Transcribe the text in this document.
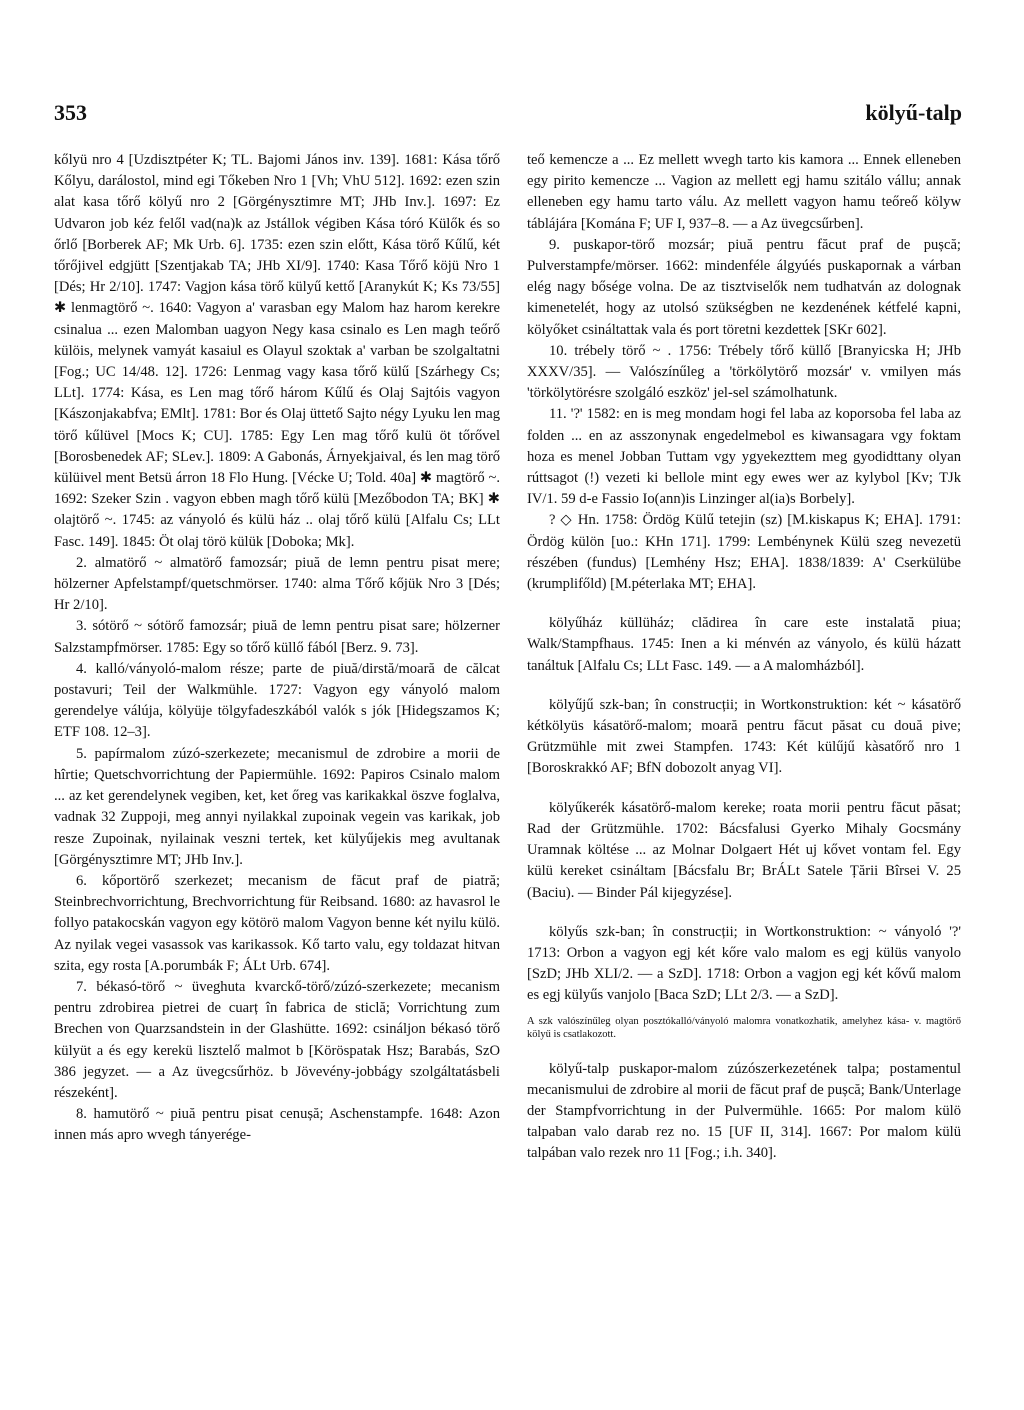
353	kölyű-talp

kőlyü nro 4 [Uzdisztpéter K; TL. Bajomi János inv. 139]. 1681: Kása tőrő Kőlyu, darálostol, mind egi Tőkeben Nro 1 [Vh; VhU 512]. 1692: ezen szin alat kasa tőrő kölyű nro 2 [Görgénysztimre MT; JHb Inv.]. 1697: Ez Udvaron job kéz felől vad(na)k az Jstállok végiben Kása tóró Külők és so őrlő [Borberek AF; Mk Urb. 6]. 1735: ezen szin előtt, Kása törő Kűlű, két tőrőjivel edgjütt [Szentjakab TA; JHb XI/9]. 1740: Kasa Tőrő köjü Nro 1 [Dés; Hr 2/10]. 1747: Vagjon kása törő külyű kettő [Aranykút K; Ks 73/55] ✱ lenmagtörő ~. 1640: Vagyon a' varasban egy Malom haz harom kerekre csinalua ... ezen Malomban uagyon Negy kasa csinalo es Len magh teőrő külöis, melynek vamyát kasaiul es Olayul szoktak a' varban be szolgaltatni [Fog.; UC 14/48. 12]. 1726: Lenmag vagy kasa tőrő külű [Szárhegy Cs; LLt]. 1774: Kása, es Len mag tőrő három Kűlű és Olaj Sajtóis vagyon [Kászonjakabfva; EMlt]. 1781: Bor és Olaj üttető Sajto négy Lyuku len mag törő kűlüvel [Mocs K; CU]. 1785: Egy Len mag tőrő kulü öt tőrővel [Borosbenedek AF; SLev.]. 1809: A Gabonás, Árnyekjaival, és len mag törő külüivel ment Betsü árron 18 Flo Hung. [Vécke U; Told. 40a] ✱ magtörő ~. 1692: Szeker Szin . vagyon ebben magh tőrő külü [Mezőbodon TA; BK] ✱ olajtörő ~. 1745: az ványoló és külü ház .. olaj tőrő külü [Alfalu Cs; LLt Fasc. 149]. 1845: Öt olaj törö külük [Doboka; Mk].

2. almatörő ~ almatörő famozsár; piuă de lemn pentru pisat mere; hölzerner Apfelstampf/quetschmörser. 1740: alma Tőrő kőjük Nro 3 [Dés; Hr 2/10].

3. sótörő ~ sótörő famozsár; piuă de lemn pentru pisat sare; hölzerner Salzstampfmörser. 1785: Egy so tőrő küllő fából [Berz. 9. 73].

4. kalló/ványoló-malom része; parte de piuă/dirstă/moară de călcat postavuri; Teil der Walkmühle. 1727: Vagyon egy ványoló malom gerendelye válúja, kölyüje tölgyfadeszkából valók s jók [Hidegszamos K; ETF 108. 12–3].

5. papírmalom zúzó-szerkezete; mecanismul de zdrobire a morii de hîrtie; Quetschvorrichtung der Papiermühle. 1692: Papiros Csinalo malom ... az ket gerendelynek vegiben, ket, ket őreg vas karikakkal öszve foglalva, vadnak 32 Zuppoji, meg annyi nyilakkal zupoinak vegein vas karikak, job resze Zupoinak, nyilainak veszni tertek, ket külyűjekis meg avultanak [Görgénysztimre MT; JHb Inv.].

6. kőportörő szerkezet; mecanism de făcut praf de piatră; Steinbrechvorrichtung, Brechvorrichtung für Reibsand. 1680: az havasrol le follyo patakocskán vagyon egy kötörö malom Vagyon benne két nyilu külö. Az nyilak vegei vasassok vas karikassok. Kő tarto valu, egy toldazat hitvan szita, egy rosta [A.porumbák F; ÁLt Urb. 674].

7. békasó-törő ~ üveghuta kvarckő-törő/zúzó-szerkezete; mecanism pentru zdrobirea pietrei de cuarț în fabrica de sticlă; Vorrichtung zum Brechen von Quarzsandstein in der Glashütte. 1692: csináljon békasó törő külyüt a és egy kerekü lisztelő malmot b [Köröspatak Hsz; Barabás, SzO 386 jegyzet. — a Az üvegcsűrhöz. b Jövevény-jobbágy szolgáltatásbeli részeként].

8. hamutörő ~ piuă pentru pisat cenușă; Aschenstampfe. 1648: Azon innen más apro wvegh tányerége-

teő kemencze a ... Ez mellett wvegh tarto kis kamora ... Ennek elleneben egy pirito kemencze ... Vagion az mellett egj hamu szitálo vállu; annak elleneben egy hamu tarto válu. Az mellett vagyon hamu teőreő kölyw táblájára [Komána F; UF I, 937–8. — a Az üvegcsűrben].

9. puskapor-törő mozsár; piuă pentru făcut praf de pușcă; Pulverstampfe/mörser. 1662: mindenféle álgyúés puskapornak a várban elég nagy bősége volna. De az tisztviselők nem tudhatván az dolognak kimenetelét, hogy az utolsó szükségben ne kezdenének kétfelé kapni, kölyőket csináltattak vala és port töretni kezdettek [SKr 602].

10. trébely törő ~ . 1756: Trébely tőrő küllő [Branyicska H; JHb XXXV/35]. — Valószínűleg a 'törkölytörő mozsár' v. vmilyen más 'törkölytörésre szolgáló eszköz' jel-sel számolhatunk.

11. '?' 1582: en is meg mondam hogi fel laba az koporsoba fel laba az folden ... en az asszonynak engedelmebol es kiwansagara vgy foktam hoza es menel Jobban Tuttam vgy ygyekezttem meg gyodidttany olyan rúttsagot (!) vezeti ki bellole mint egy ewes wer az kylybol [Kv; TJk IV/1. 59 d-e Fassio Io(ann)is Linzinger al(ia)s Borbely].

? ◇ Hn. 1758: Ördög Külű tetejin (sz) [M.kiskapus K; EHA]. 1791: Ördög külön [uo.: KHn 171]. 1799: Lembénynek Külü szeg nevezetü részében (fundus) [Lemhény Hsz; EHA]. 1838/1839: A' Cserkülübe (krumplifőld) [M.péterlaka MT; EHA].

kölyűház küllüház; clădirea în care este instalată piua; Walk/Stampfhaus. 1745: Inen a ki ménvén az ványolo, és külü házatt tanáltuk [Alfalu Cs; LLt Fasc. 149. — a A malomházból].

kölyűjű szk-ban; în construcții; in Wortkonstruktion: két ~ kásatörő kétkölyüs kásatörő-malom; moară pentru făcut păsat cu două pive; Grützmühle mit zwei Stampfen. 1743: Két külűjű kàsatőrő nro 1 [Boroskrakkó AF; BfN dobozolt anyag VI].

kölyűkerék kásatörő-malom kereke; roata morii pentru făcut păsat; Rad der Grützmühle. 1702: Bácsfalusi Gyerko Mihaly Gocsmány Uramnak költése ... az Molnar Dolgaert Hét uj kővet vontam fel. Egy külü kereket csináltam [Bácsfalu Br; BrÁLt Satele Țării Bîrsei V. 25 (Baciu). — Binder Pál kijegyzése].

kölyűs szk-ban; în construcții; in Wortkonstruktion: ~ ványoló '?' 1713: Orbon a vagyon egj két kőre valo malom es egj külüs vanyolo [SzD; JHb XLI/2. — a SzD]. 1718: Orbon a vagjon egj két kővű malom es egj külyűs vanjolo [Baca SzD; LLt 2/3. — a SzD].

A szk valószínűleg olyan posztókalló/ványoló malomra vonatkozhatik, amelyhez kása- v. magtörő kölyű is csatlakozott.

kölyű-talp puskapor-malom zúzószerkezetének talpa; postamentul mecanismului de zdrobire al morii de făcut praf de pușcă; Bank/Unterlage der Stampfvorrichtung in der Pulvermühle. 1665: Por malom külö talpaban valo darab rez no. 15 [UF II, 314]. 1667: Por malom külü talpában valo rezek nro 11 [Fog.; i.h. 340].
